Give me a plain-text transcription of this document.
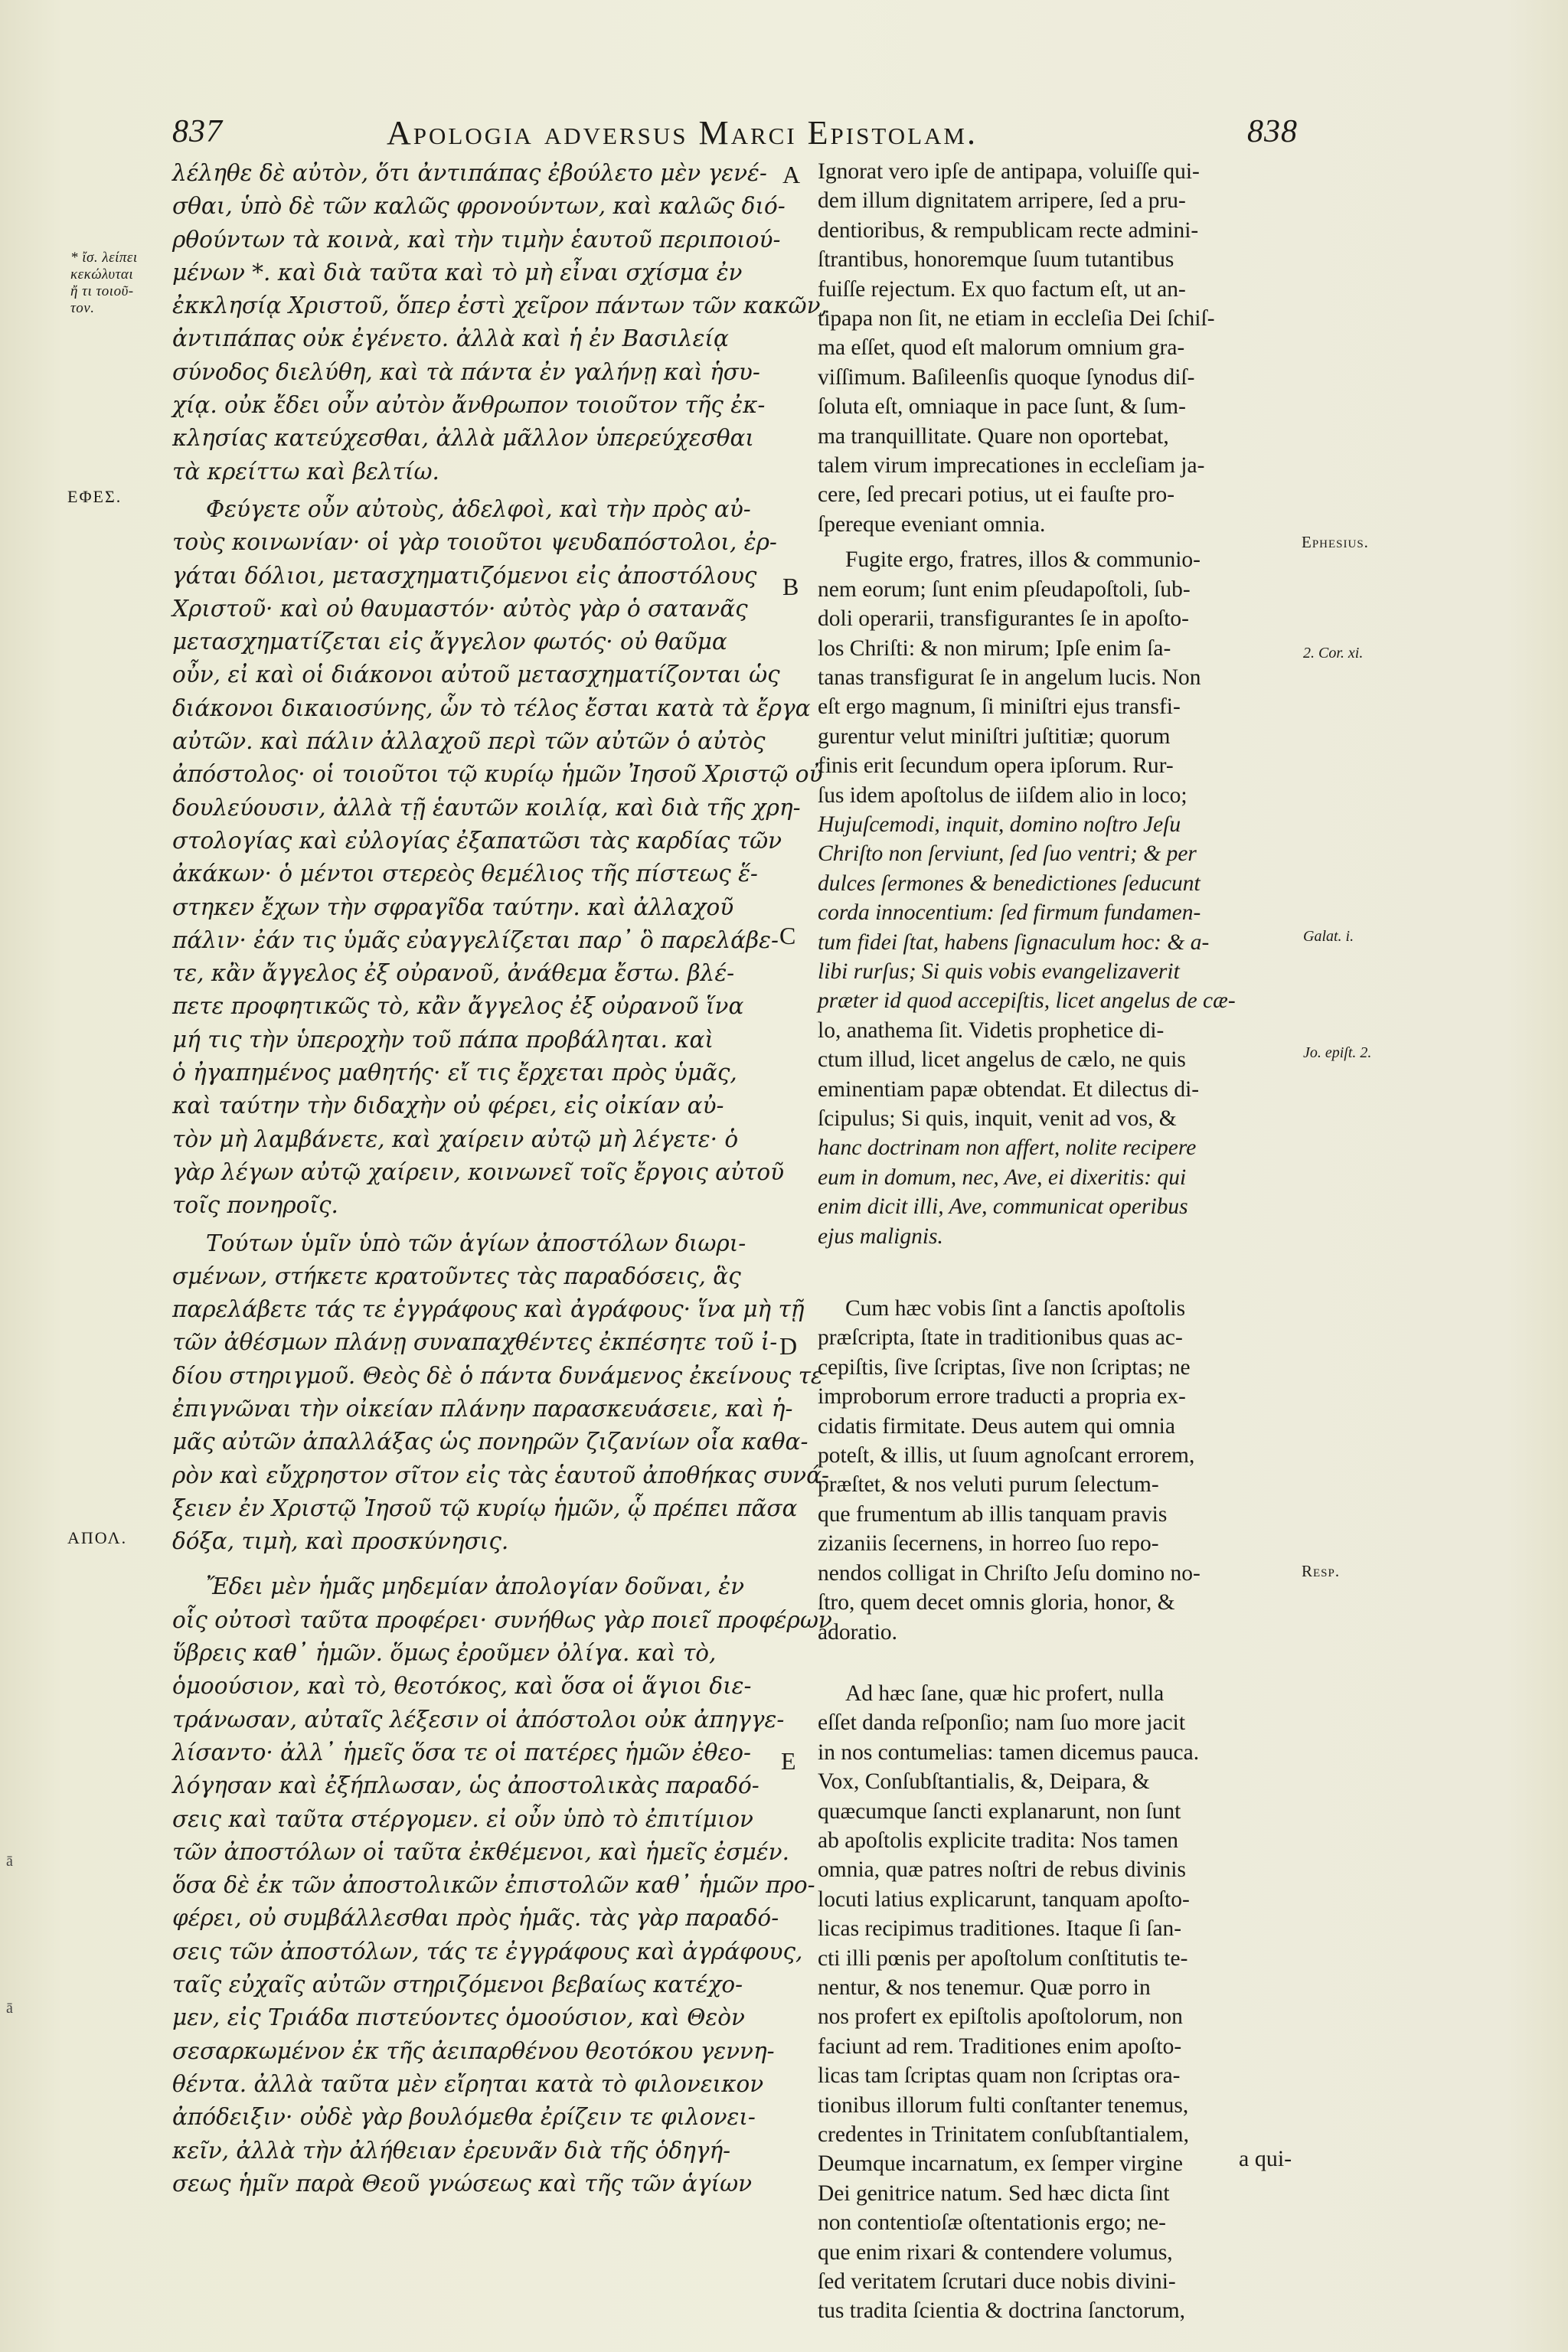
837	Apologia adversus Marci Epistolam.	838
* ἴσ. λείπει
κεκώλυται
ἤ τι τοιοῦ-
τον.
ΕΦΕΣ.
ΑΠΟΛ.
ā
ā
A
B
C
D
E
Ephesius.
2. Cor. xi.
Galat. i.
Jo. epiſt. 2.
Resp.
λέληθε δὲ αὐτὸν, ὅτι ἀντιπάπας ἐβούλετο μὲν γενέ-
σθαι, ὑπὸ δὲ τῶν καλῶς φρονούντων, καὶ καλῶς διό-
ρθούντων τὰ κοινὰ, καὶ τὴν τιμὴν ἑαυτοῦ περιποιού-
μένων *. καὶ διὰ ταῦτα καὶ τὸ μὴ εἶναι σχίσμα ἐν
ἐκκλησίᾳ Χριστοῦ, ὅπερ ἐστὶ χεῖρον πάντων τῶν κακῶν,
ἀντιπάπας οὐκ ἐγένετο. ἀλλὰ καὶ ἡ ἐν Βασιλείᾳ
σύνοδος διελύθη, καὶ τὰ πάντα ἐν γαλήνῃ καὶ ἡσυ-
χίᾳ. οὐκ ἔδει οὖν αὐτὸν ἄνθρωπον τοιοῦτον τῆς ἐκ-
κλησίας κατεύχεσθαι, ἀλλὰ μᾶλλον ὑπερεύχεσθαι
τὰ κρείττω καὶ βελτίω.
Φεύγετε οὖν αὐτοὺς, ἀδελφοὶ, καὶ τὴν πρὸς αὐ-
τοὺς κοινωνίαν· οἱ γὰρ τοιοῦτοι ψευδαπόστολοι, ἐρ-
γάται δόλιοι, μετασχηματιζόμενοι εἰς ἀποστόλους
Χριστοῦ· καὶ οὐ θαυμαστόν· αὐτὸς γὰρ ὁ σατανᾶς
μετασχηματίζεται εἰς ἄγγελον φωτός· οὐ θαῦμα
οὖν, εἰ καὶ οἱ διάκονοι αὐτοῦ μετασχηματίζονται ὡς
διάκονοι δικαιοσύνης, ὧν τὸ τέλος ἔσται κατὰ τὰ ἔργα
αὐτῶν. καὶ πάλιν ἀλλαχοῦ περὶ τῶν αὐτῶν ὁ αὐτὸς
ἀπόστολος· οἱ τοιοῦτοι τῷ κυρίῳ ἡμῶν Ἰησοῦ Χριστῷ οὐ
δουλεύουσιν, ἀλλὰ τῇ ἑαυτῶν κοιλίᾳ, καὶ διὰ τῆς χρη-
στολογίας καὶ εὐλογίας ἐξαπατῶσι τὰς καρδίας τῶν
ἀκάκων· ὁ μέντοι στερεὸς θεμέλιος τῆς πίστεως ἕ-
στηκεν ἔχων τὴν σφραγῖδα ταύτην. καὶ ἀλλαχοῦ
πάλιν· ἐάν τις ὑμᾶς εὐαγγελίζεται παρ᾽ ὃ παρελάβε-
τε, κἂν ἄγγελος ἐξ οὐρανοῦ, ἀνάθεμα ἔστω. βλέ-
πετε προφητικῶς τὸ, κἂν ἄγγελος ἐξ οὐρανοῦ ἵνα
μή τις τὴν ὑπεροχὴν τοῦ πάπα προβάληται. καὶ
ὁ ἠγαπημένος μαθητής· εἴ τις ἔρχεται πρὸς ὑμᾶς,
καὶ ταύτην τὴν διδαχὴν οὐ φέρει, εἰς οἰκίαν αὐ-
τὸν μὴ λαμβάνετε, καὶ χαίρειν αὐτῷ μὴ λέγετε· ὁ
γὰρ λέγων αὐτῷ χαίρειν, κοινωνεῖ τοῖς ἔργοις αὐτοῦ
τοῖς πονηροῖς.
Τούτων ὑμῖν ὑπὸ τῶν ἁγίων ἀποστόλων διωρι-
σμένων, στήκετε κρατοῦντες τὰς παραδόσεις, ἃς
παρελάβετε τάς τε ἐγγράφους καὶ ἀγράφους· ἵνα μὴ τῇ
τῶν ἀθέσμων πλάνῃ συναπαχθέντες ἐκπέσητε τοῦ ἰ-
δίου στηριγμοῦ. Θεὸς δὲ ὁ πάντα δυνάμενος ἐκείνους τε
ἐπιγνῶναι τὴν οἰκείαν πλάνην παρασκευάσειε, καὶ ἡ-
μᾶς αὐτῶν ἀπαλλάξας ὡς πονηρῶν ζιζανίων οἷα καθα-
ρὸν καὶ εὔχρηστον σῖτον εἰς τὰς ἑαυτοῦ ἀποθήκας συνά-
ξειεν ἐν Χριστῷ Ἰησοῦ τῷ κυρίῳ ἡμῶν, ᾧ πρέπει πᾶσα
δόξα, τιμὴ, καὶ προσκύνησις.
Ἔδει μὲν ἡμᾶς μηδεμίαν ἀπολογίαν δοῦναι, ἐν
οἷς οὐτοσὶ ταῦτα προφέρει· συνήθως γὰρ ποιεῖ προφέρων
ὕβρεις καθ᾽ ἡμῶν. ὅμως ἐροῦμεν ὀλίγα. καὶ τὸ,
ὁμοούσιον, καὶ τὸ, θεοτόκος, καὶ ὅσα οἱ ἅγιοι διε-
τράνωσαν, αὐταῖς λέξεσιν οἱ ἀπόστολοι οὐκ ἀπηγγε-
λίσαντο· ἀλλ᾽ ἡμεῖς ὅσα τε οἱ πατέρες ἡμῶν ἐθεο-
λόγησαν καὶ ἐξήπλωσαν, ὡς ἀποστολικὰς παραδό-
σεις καὶ ταῦτα στέργομεν. εἰ οὖν ὑπὸ τὸ ἐπιτίμιον
τῶν ἀποστόλων οἱ ταῦτα ἐκθέμενοι, καὶ ἡμεῖς ἐσμέν.
ὅσα δὲ ἐκ τῶν ἀποστολικῶν ἐπιστολῶν καθ᾽ ἡμῶν προ-
φέρει, οὐ συμβάλλεσθαι πρὸς ἡμᾶς. τὰς γὰρ παραδό-
σεις τῶν ἀποστόλων, τάς τε ἐγγράφους καὶ ἀγράφους,
ταῖς εὐχαῖς αὐτῶν στηριζόμενοι βεβαίως κατέχο-
μεν, εἰς Τριάδα πιστεύοντες ὁμοούσιον, καὶ Θεὸν
σεσαρκωμένον ἐκ τῆς ἀειπαρθένου θεοτόκου γεννη-
θέντα. ἀλλὰ ταῦτα μὲν εἴρηται κατὰ τὸ φιλονεικον
ἀπόδειξιν· οὐδὲ γὰρ βουλόμεθα ἐρίζειν τε φιλονει-
κεῖν, ἀλλὰ τὴν ἀλήθειαν ἐρευνᾶν διὰ τῆς ὁδηγή-
σεως ἡμῖν παρὰ Θεοῦ γνώσεως καὶ τῆς τῶν ἁγίων
Ignorat vero ipſe de antipapa, voluiſſe qui-
dem illum dignitatem arripere, ſed a pru-
dentioribus, & rempublicam recte admini-
ſtrantibus, honoremque ſuum tutantibus
fuiſſe rejectum. Ex quo factum eſt, ut an-
tipapa non ſit, ne etiam in eccleſia Dei ſchiſ-
ma eſſet, quod eſt malorum omnium gra-
viſſimum. Baſileenſis quoque ſynodus diſ-
ſoluta eſt, omniaque in pace ſunt, & ſum-
ma tranquillitate. Quare non oportebat,
talem virum imprecationes in eccleſiam ja-
cere, ſed precari potius, ut ei fauſte pro-
ſpereque eveniant omnia.
Fugite ergo, fratres, illos & communio-
nem eorum; ſunt enim pſeudapoſtoli, ſub-
doli operarii, transfigurantes ſe in apoſto-
los Chriſti: & non mirum; Ipſe enim ſa-
tanas transfigurat ſe in angelum lucis. Non
eſt ergo magnum, ſi miniſtri ejus transfi-
gurentur velut miniſtri juſtitiæ; quorum
finis erit ſecundum opera ipſorum. Rur-
ſus idem apoſtolus de iiſdem alio in loco;
Hujuſcemodi, inquit, domino noſtro Jeſu
Chriſto non ſerviunt, ſed ſuo ventri; & per
dulces ſermones & benedictiones ſeducunt
corda innocentium: ſed firmum fundamen-
tum fidei ſtat, habens ſignaculum hoc: & a-
libi rurſus; Si quis vobis evangelizaverit
præter id quod accepiſtis, licet angelus de cæ-
lo, anathema ſit. Videtis prophetice di-
ctum illud, licet angelus de cælo, ne quis
eminentiam papæ obtendat. Et dilectus di-
ſcipulus; Si quis, inquit, venit ad vos, &
hanc doctrinam non affert, nolite recipere
eum in domum, nec, Ave, ei dixeritis: qui
enim dicit illi, Ave, communicat operibus
ejus malignis.
Cum hæc vobis ſint a ſanctis apoſtolis
præſcripta, ſtate in traditionibus quas ac-
cepiſtis, ſive ſcriptas, ſive non ſcriptas; ne
improborum errore traducti a propria ex-
cidatis firmitate. Deus autem qui omnia
poteſt, & illis, ut ſuum agnoſcant errorem,
præſtet, & nos veluti purum ſelectum-
que frumentum ab illis tanquam pravis
zizaniis ſecernens, in horreo ſuo repo-
nendos colligat in Chriſto Jeſu domino no-
ſtro, quem decet omnis gloria, honor, &
adoratio.
Ad hæc ſane, quæ hic profert, nulla
eſſet danda reſponſio; nam ſuo more jacit
in nos contumelias: tamen dicemus pauca.
Vox, Conſubſtantialis, &, Deipara, &
quæcumque ſancti explanarunt, non ſunt
ab apoſtolis explicite tradita: Nos tamen
omnia, quæ patres noſtri de rebus divinis
locuti latius explicarunt, tanquam apoſto-
licas recipimus traditiones. Itaque ſi ſan-
cti illi pœnis per apoſtolum conſtitutis te-
nentur, & nos tenemur. Quæ porro in
nos profert ex epiſtolis apoſtolorum, non
faciunt ad rem. Traditiones enim apoſto-
licas tam ſcriptas quam non ſcriptas ora-
tionibus illorum fulti conſtanter tenemus,
credentes in Trinitatem conſubſtantialem,
Deumque incarnatum, ex ſemper virgine
Dei genitrice natum. Sed hæc dicta ſint
non contentioſæ oſtentationis ergo; ne-
que enim rixari & contendere volumus,
ſed veritatem ſcrutari duce nobis divini-
tus tradita ſcientia & doctrina ſanctorum,
a qui-
